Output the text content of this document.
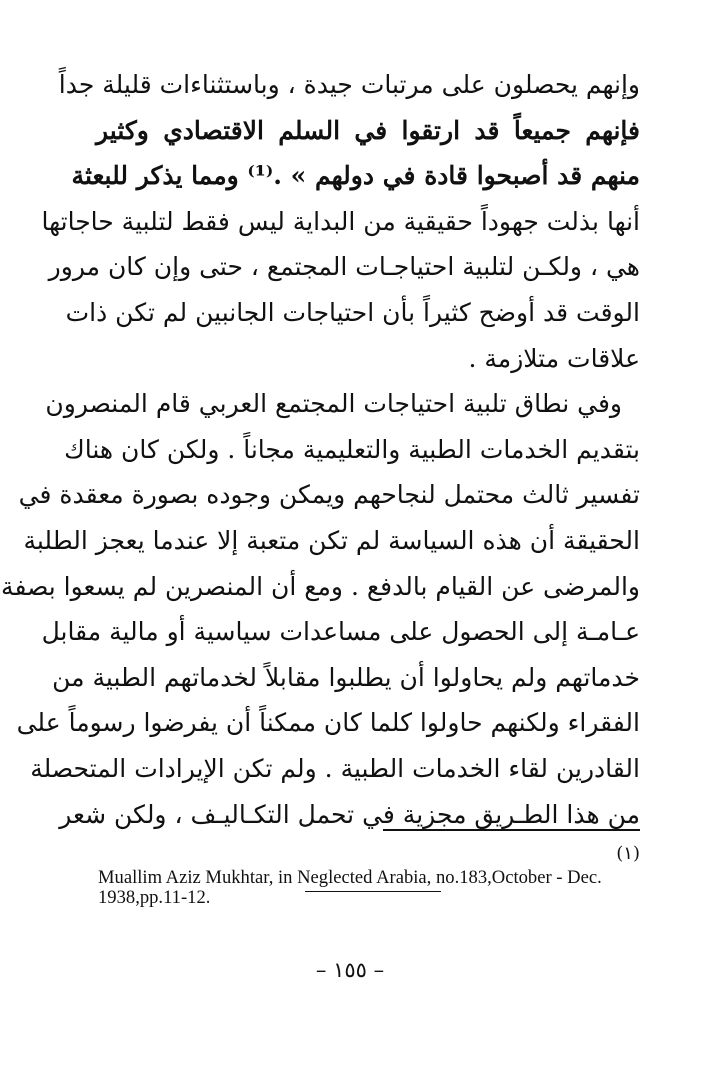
وإنهم يحصلون على مرتبات جيدة ، وباستثناءات قليلة جداً
فإنهم جميعاً قد ارتقوا في السلم الاقتصادي وكثير
منهم قد أصبحوا قادة في دولهم » .⁽¹⁾ ومما يذكر للبعثة
أنها بذلت جهوداً حقيقية من البداية ليس فقط لتلبية حاجاتها
هي ، ولكـن لتلبية احتياجـات المجتمع ، حتى وإن كان مرور
الوقت قد أوضح كثيراً بأن احتياجات الجانبين لم تكن ذات
علاقات متلازمة .
وفي نطاق تلبية احتياجات المجتمع العربي قام المنصرون
بتقديم الخدمات الطبية والتعليمية مجاناً . ولكن كان هناك
تفسير ثالث محتمل لنجاحهم ويمكن وجوده بصورة معقدة في
الحقيقة أن هذه السياسة لم تكن متعبة إلا عندما يعجز الطلبة
والمرضى عن القيام بالدفع . ومع أن المنصرين لم يسعوا بصفة
عـامـة إلى الحصول على مساعدات سياسية أو مالية مقابل
خدماتهم ولم يحاولوا أن يطلبوا مقابلاً لخدماتهم الطبية من
الفقراء ولكنهم حاولوا كلما كان ممكناً أن يفرضوا رسوماً على
القادرين لقاء الخدمات الطبية . ولم تكن الإيرادات المتحصلة
من هذا الطـريق مجزية في تحمل التكـاليـف ، ولكن شعر
(١)
Muallim Aziz Mukhtar, in Neglected Arabia, no.183,October - Dec. 1938,pp.11-12.
– ١٥٥ –
